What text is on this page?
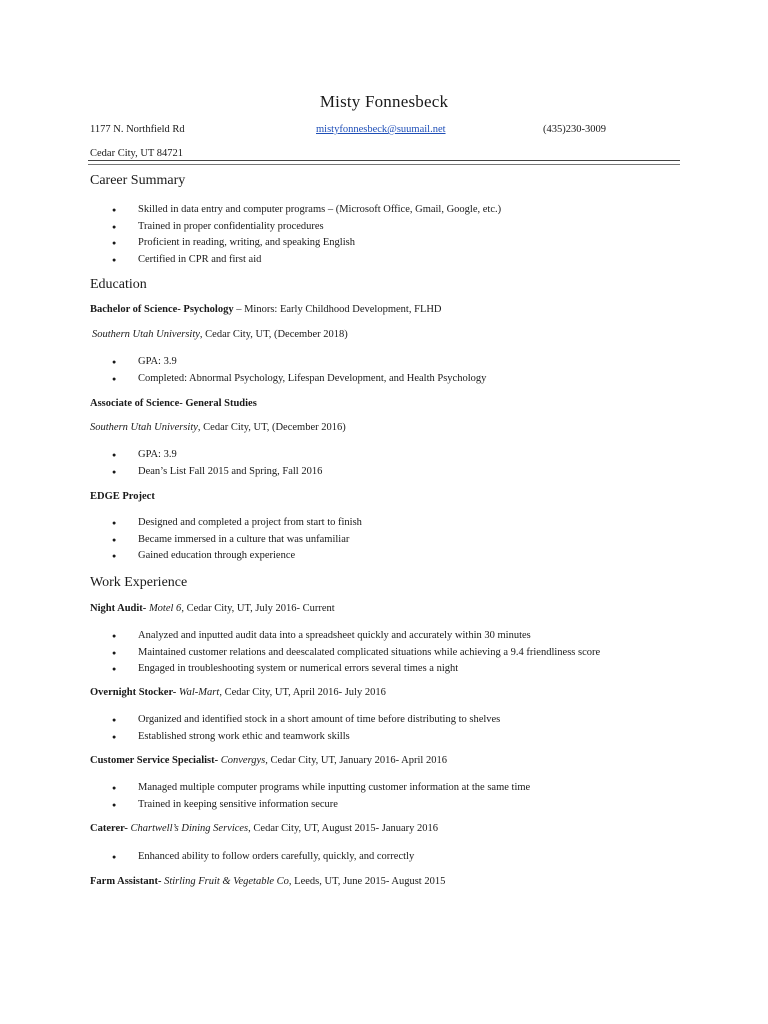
Misty Fonnesbeck
1177 N. Northfield Rd	mistyfonnesbeck@suumail.net	(435)230-3009
Cedar City, UT 84721
Career Summary
● Skilled in data entry and computer programs – (Microsoft Office, Gmail, Google, etc.)
● Trained in proper confidentiality procedures
● Proficient in reading, writing, and speaking English
● Certified in CPR and first aid
Education
Bachelor of Science- Psychology – Minors: Early Childhood Development, FLHD
Southern Utah University, Cedar City, UT, (December 2018)
● GPA: 3.9
● Completed: Abnormal Psychology, Lifespan Development, and Health Psychology
Associate of Science- General Studies
Southern Utah University, Cedar City, UT, (December 2016)
● GPA: 3.9
● Dean’s List Fall 2015 and Spring, Fall 2016
EDGE Project
● Designed and completed a project from start to finish
● Became immersed in a culture that was unfamiliar
● Gained education through experience
Work Experience
Night Audit- Motel 6, Cedar City, UT, July 2016- Current
● Analyzed and inputted audit data into a spreadsheet quickly and accurately within 30 minutes
● Maintained customer relations and deescalated complicated situations while achieving a 9.4 friendliness score
● Engaged in troubleshooting system or numerical errors several times a night
Overnight Stocker- Wal-Mart, Cedar City, UT, April 2016- July 2016
● Organized and identified stock in a short amount of time before distributing to shelves
● Established strong work ethic and teamwork skills
Customer Service Specialist- Convergys, Cedar City, UT, January 2016- April 2016
● Managed multiple computer programs while inputting customer information at the same time
● Trained in keeping sensitive information secure
Caterer- Chartwell’s Dining Services, Cedar City, UT, August 2015- January 2016
● Enhanced ability to follow orders carefully, quickly, and correctly
Farm Assistant- Stirling Fruit & Vegetable Co, Leeds, UT, June 2015- August 2015
